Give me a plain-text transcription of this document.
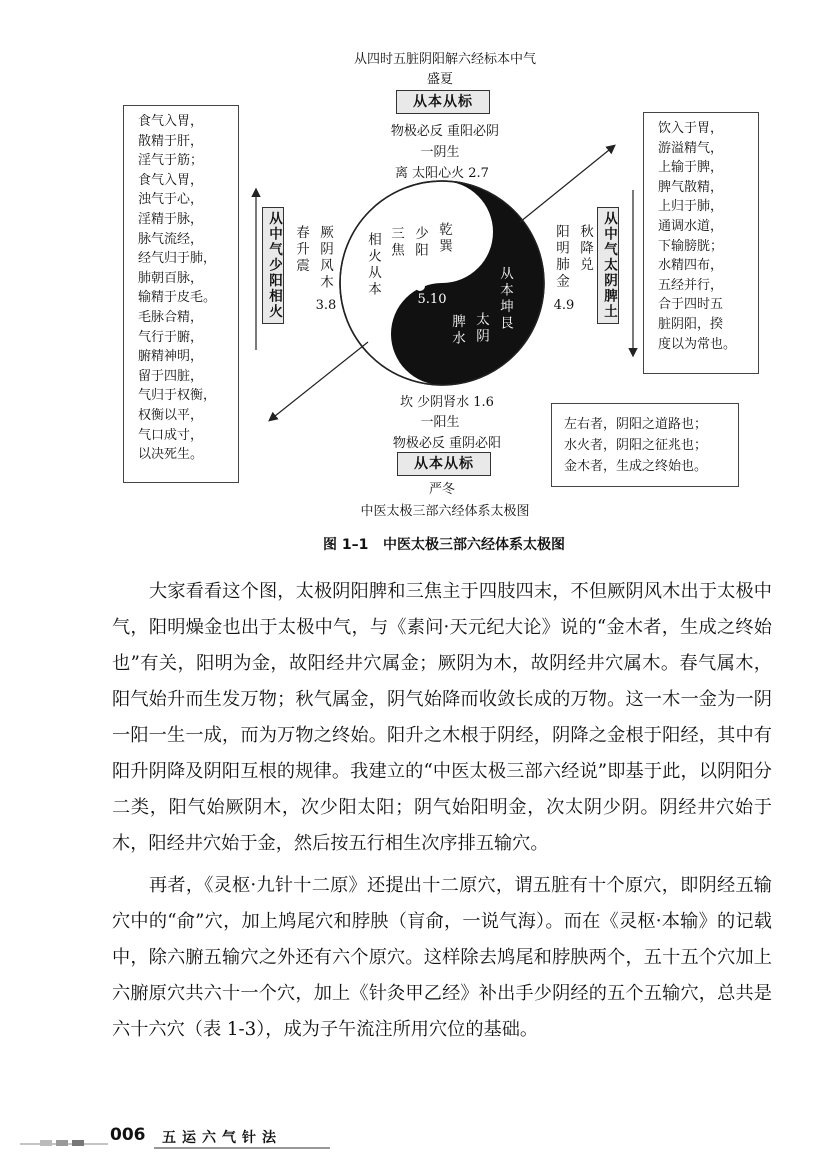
从四时五脏阴阳解六经标本中气
盛夏
从本从标
物极必反 重阳必阴
一阴生
离 太阳心火 2.7
食气入胃，
散精于肝，
淫气于筋；
食气入胃，
浊气于心，
淫精于脉，
脉气流经，
经气归于肺，
肺朝百脉，
输精于皮毛。
毛脉合精，
气行于腑，
腑精神明，
留于四脏，
气归于权衡，
权衡以平，
气口成寸，
以决死生。
从中气少阳相火 春升震 厥阴风木
3.8
相火从本 三焦 少阳 乾巽
5.10
脾水 太阴 从本坤艮
阳明肺金 秋降兑
4.9	从中气太阴脾土
饮入于胃，
游溢精气，
上输于脾，
脾气散精，
上归于肺，
通调水道，
下输膀胱；
水精四布，
五经并行，
合于四时五
脏阴阳，揆
度以为常也。
坎 少阴肾水 1.6
一阳生
物极必反 重阴必阳
从本从标
严冬
中医太极三部六经体系太极图
左右者，阴阳之道路也；
水火者，阴阳之征兆也；
金木者，生成之终始也。
图 1–1 中医太极三部六经体系太极图

大家看看这个图，太极阴阳脾和三焦主于四肢四末，不但厥阴风木出于太极中气，阳明燥金也出于太极中气，与《素问·天元纪大论》说的“金木者，生成之终始也”有关，阳明为金，故阳经井穴属金；厥阴为木，故阴经井穴属木。春气属木，阳气始升而生发万物；秋气属金，阴气始降而收敛长成的万物。这一木一金为一阴一阳一生一成，而为万物之终始。阳升之木根于阴经，阴降之金根于阳经，其中有阳升阴降及阴阳互根的规律。我建立的“中医太极三部六经说”即基于此，以阴阳分二类，阳气始厥阴木，次少阳太阳；阴气始阳明金，次太阴少阴。阴经井穴始于木，阳经井穴始于金，然后按五行相生次序排五输穴。

再者，《灵枢·九针十二原》还提出十二原穴，谓五脏有十个原穴，即阴经五输穴中的“俞”穴，加上鸠尾穴和脖胦（肓俞，一说气海）。而在《灵枢·本输》的记载中，除六腑五输穴之外还有六个原穴。这样除去鸠尾和脖胦两个，五十五个穴加上六腑原穴共六十一个穴，加上《针灸甲乙经》补出手少阴经的五个五输穴，总共是六十六穴（表 1-3），成为子午流注所用穴位的基础。

006 五运六气针法
